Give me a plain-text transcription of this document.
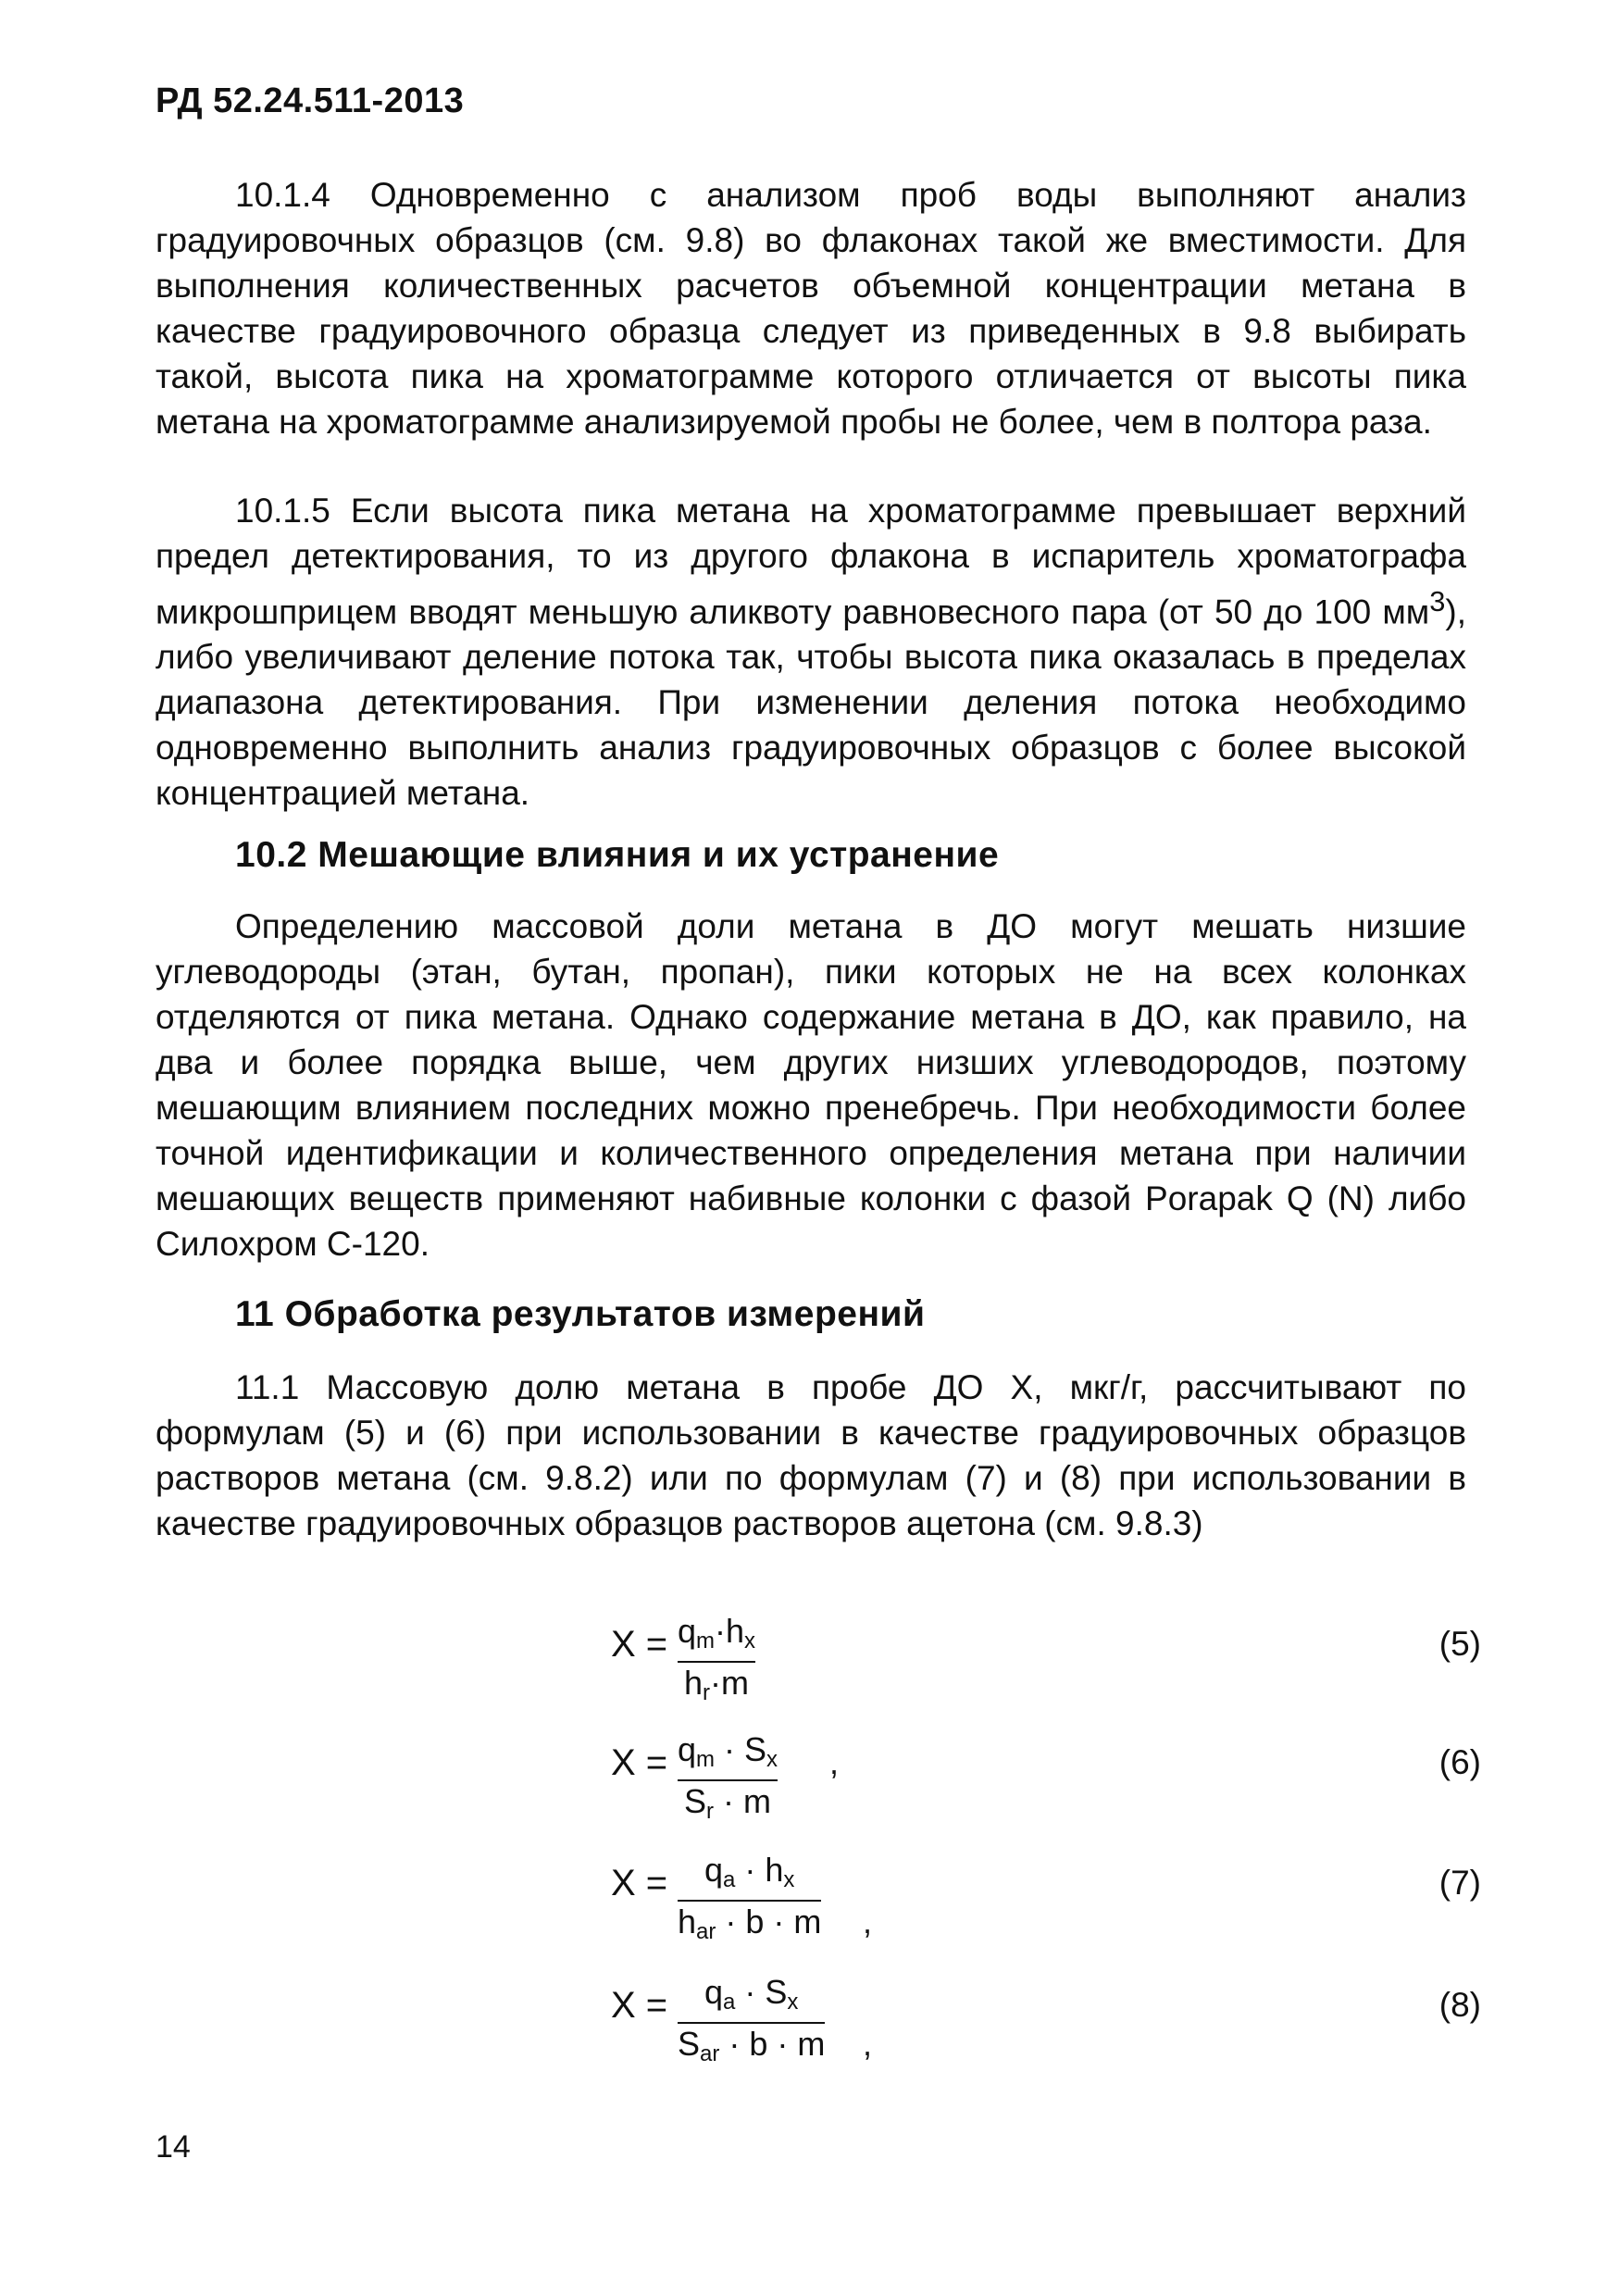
РД 52.24.511-2013

10.1.4 Одновременно с анализом проб воды выполняют анализ градуировочных образцов (см. 9.8) во флаконах такой же вместимости. Для выполнения количественных расчетов объемной концентрации метана в качестве градуировочного образца следует из приведенных в 9.8 выбирать такой, высота пика на хроматограмме которого отличается от высоты пика метана на хроматограмме анализируемой пробы не более, чем в полтора раза.

10.1.5 Если высота пика метана на хроматограмме превышает верхний предел детектирования, то из другого флакона в испаритель хроматографа микрошприцем вводят меньшую аликвоту равновесного пара (от 50 до 100 $мм^3$), либо увеличивают деление потока так, чтобы высота пика оказалась в пределах диапазона детектирования. При изменении деления потока необходимо одновременно выполнить анализ градуировочных образцов с более высокой концентрацией метана.

10.2 Мешающие влияния и их устранение

Определению массовой доли метана в ДО могут мешать низшие углеводороды (этан, бутан, пропан), пики которых не на всех колонках отделяются от пика метана. Однако содержание метана в ДО, как правило, на два и более порядка выше, чем других низших углеводородов, поэтому мешающим влиянием последних можно пренебречь. При необходимости более точной идентификации и количественного определения метана при наличии мешающих веществ применяют набивные колонки с фазой Porapak Q (N) либо Силохром С-120.

11 Обработка результатов измерений

11.1 Массовую долю метана в пробе ДО X, мкг/г, рассчитывают по формулам (5) и (6) при использовании в качестве градуировочных образцов растворов метана (см. 9.8.2) или по формулам (7) и (8) при использовании в качестве градуировочных образцов растворов ацетона (см. 9.8.3)

$X = q_m\cdot h_x$
$h_r\cdot m$
(5)
$X = q_m \cdot S_x$
$S_r \cdot m$
,	(6)
X =	$q_a \cdot h_x$
$h_{ar} \cdot b \cdot m$ ,
(7)
X =	$q_a \cdot S_x$
$S_{ar} \cdot b \cdot m$ ,
(8)
14
